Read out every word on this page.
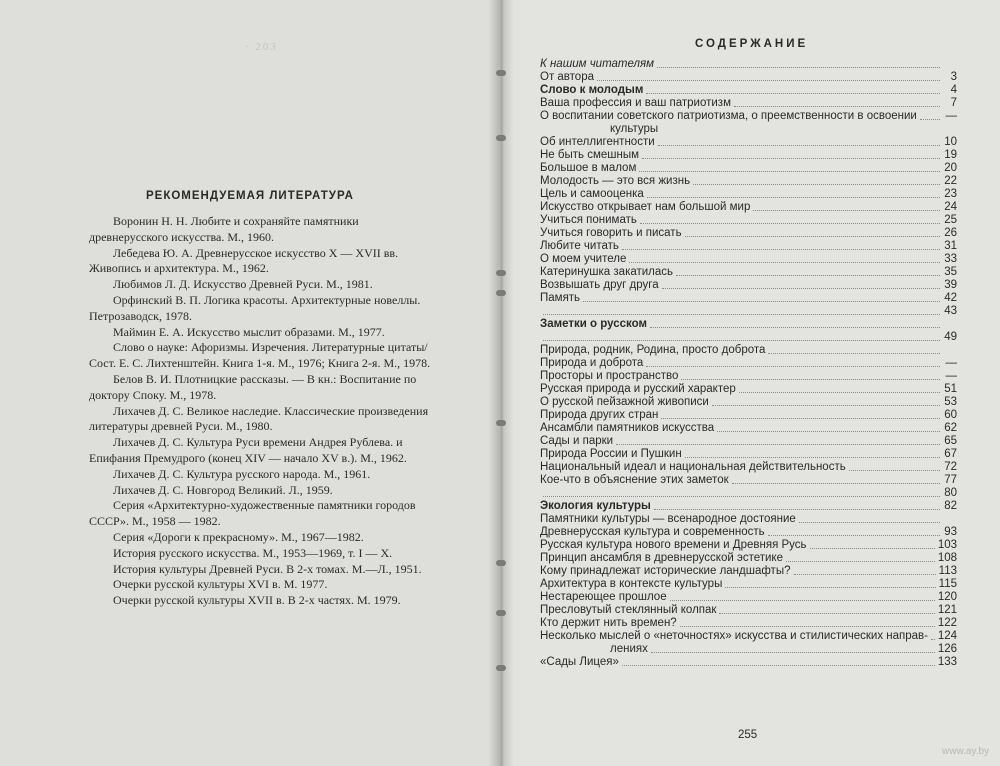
· 203
РЕКОМЕНДУЕМАЯ ЛИТЕРАТУРА
Воронин Н. Н. Любите и сохраняйте памятники древнерусского искусства. М., 1960.
Лебедева Ю. А. Древнерусское искусство X — XVII вв. Живопись и архитектура. М., 1962.
Любимов Л. Д. Искусство Древней Руси. М., 1981.
Орфинский В. П. Логика красоты. Архитектурные новеллы. Петрозаводск, 1978.
Маймин Е. А. Искусство мыслит образами. М., 1977.
Слово о науке: Афоризмы. Изречения. Литературные цитаты/Сост. Е. С. Лихтенштейн. Книга 1-я. М., 1976; Книга 2-я. М., 1978.
Белов В. И. Плотницкие рассказы. — В кн.: Воспитание по доктору Споку. М., 1978.
Лихачев Д. С. Великое наследие. Классические произведения литературы древней Руси. М., 1980.
Лихачев Д. С. Культура Руси времени Андрея Рублева. и Епифания Премудрого (конец XIV — начало XV в.). М., 1962.
Лихачев Д. С. Культура русского народа. М., 1961.
Лихачев Д. С. Новгород Великий. Л., 1959.
Серия «Архитектурно-художественные памятники городов СССР». М., 1958 — 1982.
Серия «Дороги к прекрасному». М., 1967—1982.
История русского искусства. М., 1953—1969, т. I — X.
История культуры Древней Руси. В 2-х томах. М.—Л., 1951.
Очерки русской культуры XVI в. М. 1977.
Очерки русской культуры XVII в. В 2-х частях. М. 1979.
СОДЕРЖАНИЕ
К нашим читателям
От автора	3
Слово к молодым	4
Ваша профессия и ваш патриотизм	7
О воспитании советского патриотизма, о преемственности в освоении —
культуры
Об интеллигентности	10
Не быть смешным	19
Большое в малом	20
Молодость — это вся жизнь	22
Цель и самооценка	23
Искусство открывает нам большой мир	24
Учиться понимать	25
Учиться говорить и писать	26
Любите читать	31
О моем учителе	33
Катеринушка закатилась	35
Возвышать друг друга	39
Память	42
43
Заметки о русском
49
Природа, родник, Родина, просто доброта
Природа и доброта	—
Просторы и пространство	—
Русская природа и русский характер	51
О русской пейзажной живописи	53
Природа других стран	60
Ансамбли памятников искусства	62
Сады и парки	65
Природа России и Пушкин	67
Национальный идеал и национальная действительность	72
Кое-что в объяснение этих заметок	77
80
Экология культуры	82
Памятники культуры — всенародное достояние
Древнерусская культура и современность	93
Русская культура нового времени и Древняя Русь	103
Принцип ансамбля в древнерусской эстетике	108
Кому принадлежат исторические ландшафты?	113
Архитектура в контексте культуры	115
Нестареющее прошлое	120
Пресловутый стеклянный колпак	121
Кто держит нить времен?	122
Несколько мыслей о «неточностях» искусства и стилистических направ- 124
лениях	126
«Сады Лицея»	133
255
www.ay.by
